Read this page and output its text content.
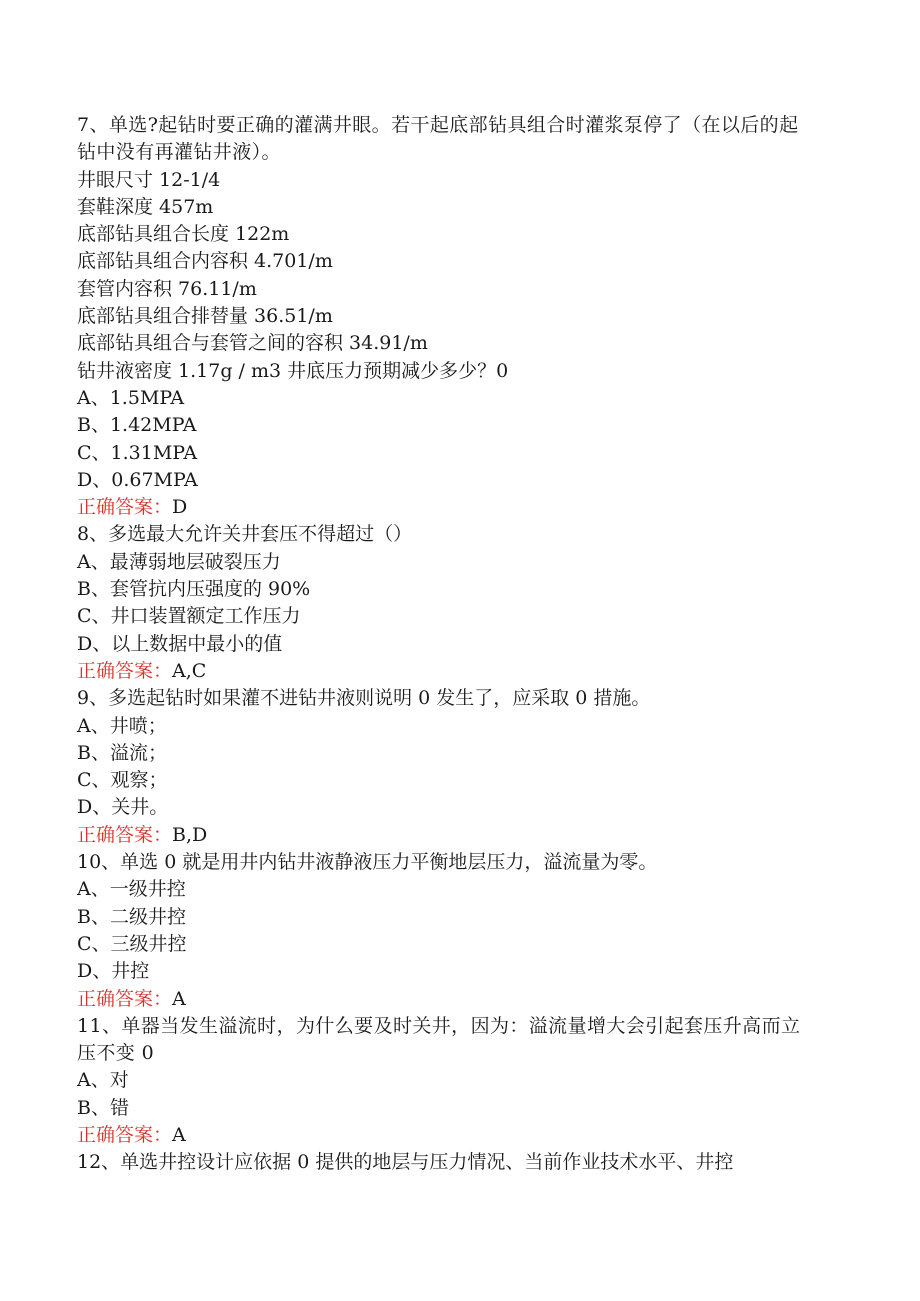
7、单选?起钻时要正确的灌满井眼。若干起底部钻具组合时灌浆泵停了（在以后的起钻中没有再灌钻井液）。

井眼尺寸 12-1/4

套鞋深度 457m

底部钻具组合长度 122m

底部钻具组合内容积 4.701/m

套管内容积 76.11/m

底部钻具组合排替量 36.51/m

底部钻具组合与套管之间的容积 34.91/m

钻井液密度 1.17g / m3 井底压力预期减少多少？0

A、1.5MPA

B、1.42MPA

C、1.31MPA

D、0.67MPA

正确答案：D

8、多选最大允许关井套压不得超过（）

A、最薄弱地层破裂压力

B、套管抗内压强度的 90%

C、井口装置额定工作压力

D、以上数据中最小的值

正确答案：A,C

9、多选起钻时如果灌不进钻井液则说明 0 发生了，应采取 0 措施。

A、井喷；

B、溢流；

C、观察；

D、关井。

正确答案：B,D

10、单选 0 就是用井内钻井液静液压力平衡地层压力，溢流量为零。

A、一级井控

B、二级井控

C、三级井控

D、井控

正确答案：A

11、单器当发生溢流时，为什么要及时关井，因为：溢流量增大会引起套压升高而立压不变 0

A、对

B、错

正确答案：A

12、单选井控设计应依据 0 提供的地层与压力情况、当前作业技术水平、井控
